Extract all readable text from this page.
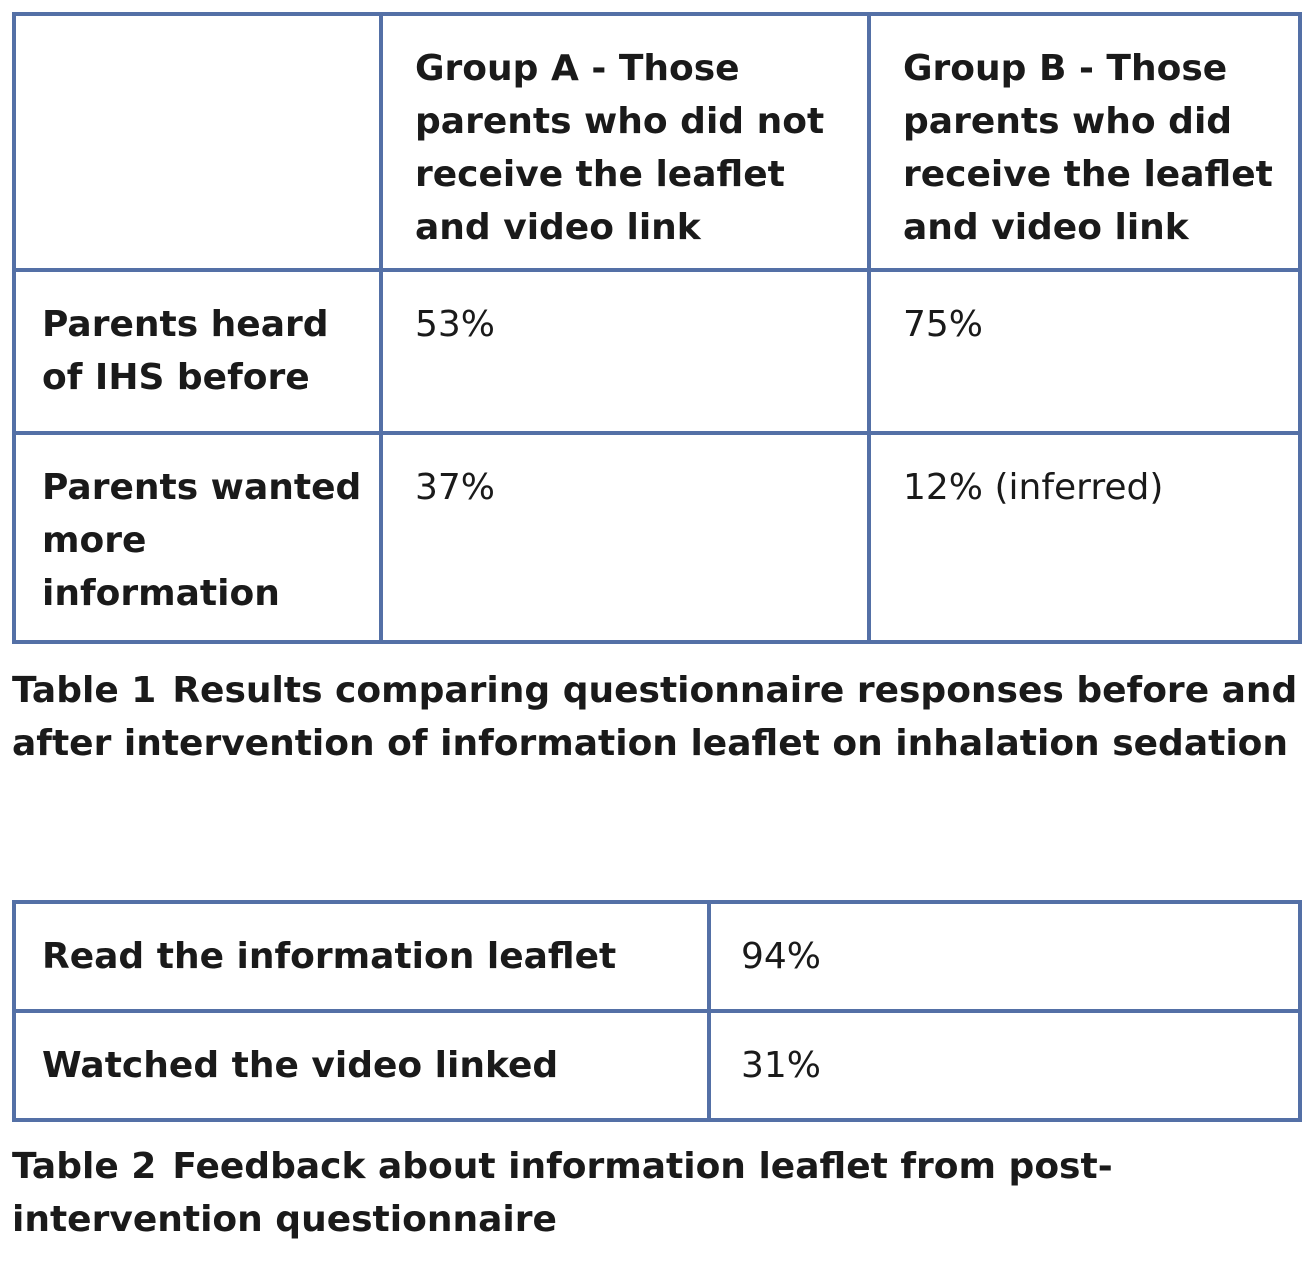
	Group A - Those parents who did not receive the leaflet and video link	Group B - Those parents who did receive the leaflet and video link
Parents heard of IHS before	53%	75%
Parents wanted more information	37%	12% (inferred)
Table 1 Results comparing questionnaire responses before and after intervention of information leaflet on inhalation sedation
Read the information leaflet	94%
Watched the video linked	31%
Table 2 Feedback about information leaflet from post-intervention questionnaire
